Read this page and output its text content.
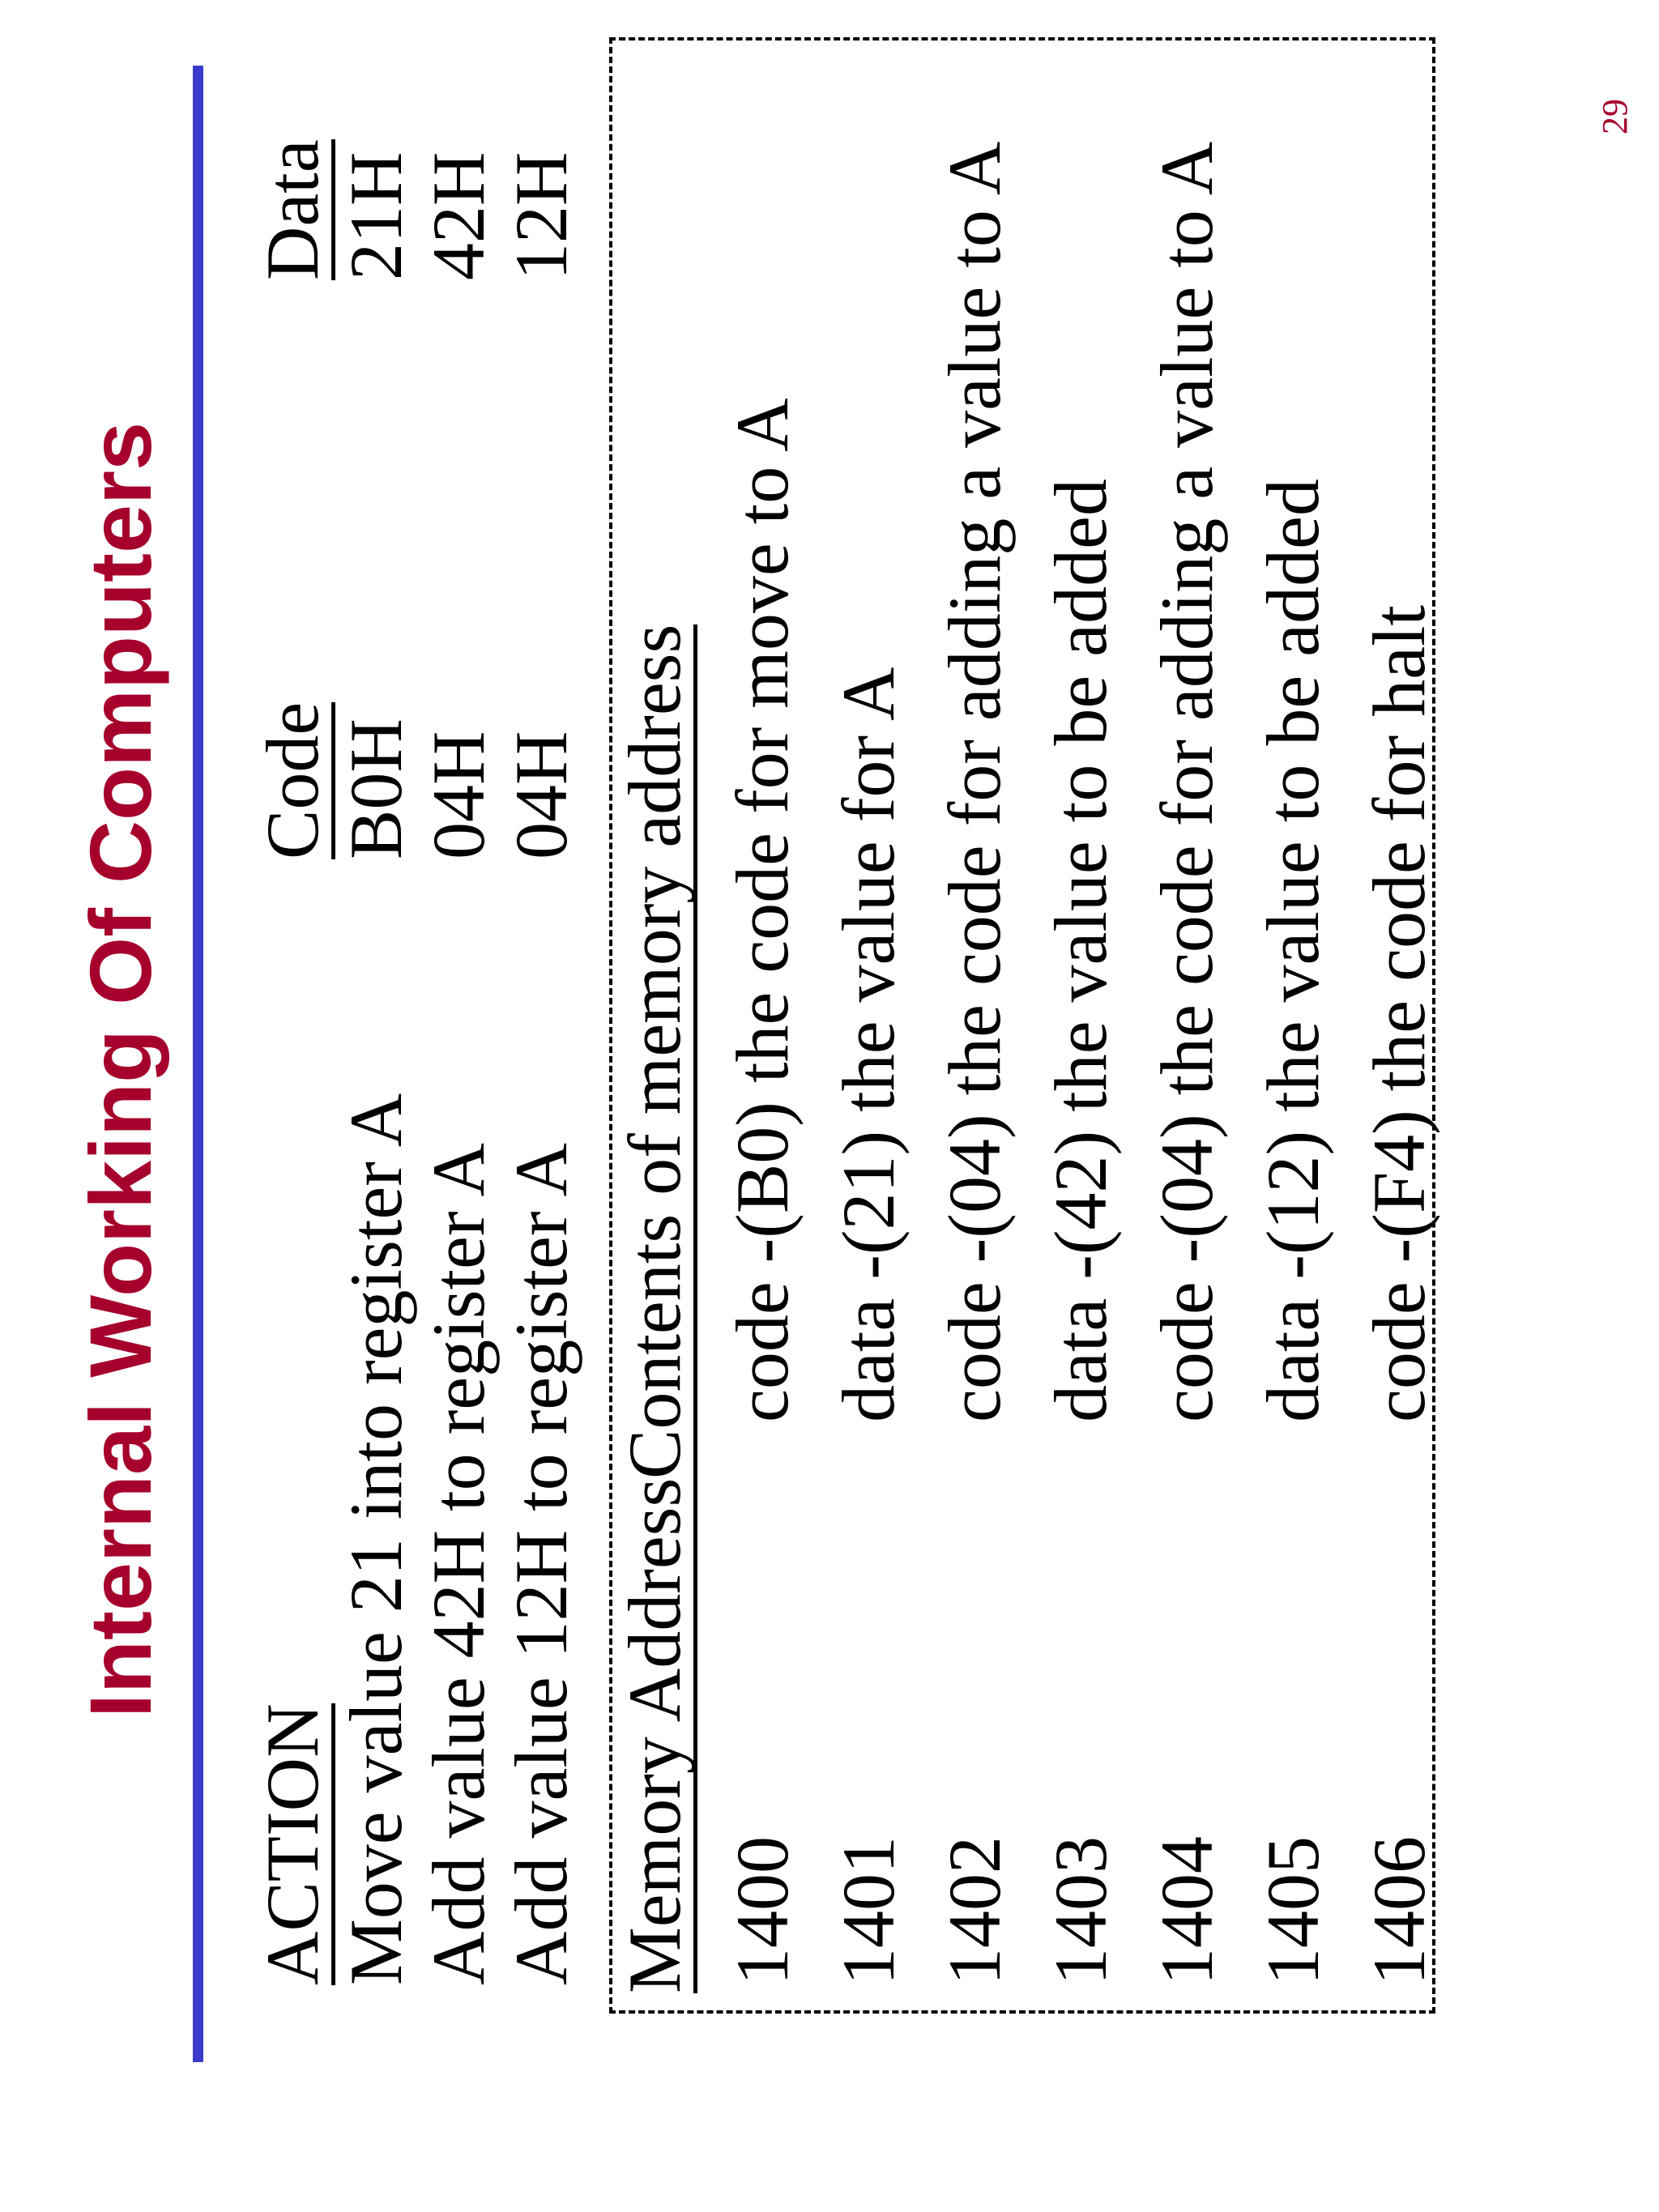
Internal Working Of Computers
29
ACTION
Code
Data
Move value 21 into register A
B0H
21H
Add value 42H to register A
04H
42H
Add value 12H to register A
04H
12H
Memory Address
Contents of memory address
1400
code -(B0) the code for move to A
1401
data -(21) the value for A
1402
code -(04) the code for adding a value to A
1403
data -(42) the value to be added
1404
code -(04) the code for adding a value to A
1405
data -(12) the value to be added
1406
code -(F4) the code for halt
